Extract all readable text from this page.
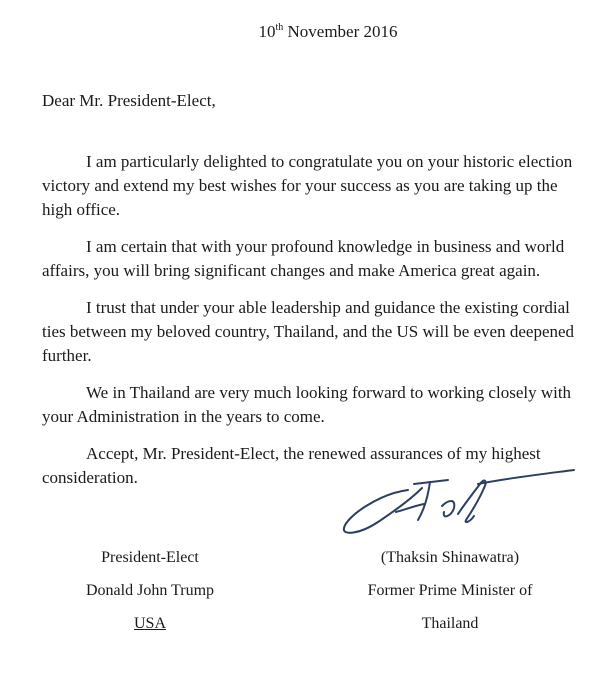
10th November 2016
Dear Mr. President-Elect,

I am particularly delighted to congratulate you on your historic election victory and extend my best wishes for your success as you are taking up the high office.

I am certain that with your profound knowledge in business and world affairs, you will bring significant changes and make America great again.

I trust that under your able leadership and guidance the existing cordial ties between my beloved country, Thailand, and the US will be even deepened further.

We in Thailand are very much looking forward to working closely with your Administration in the years to come.

Accept, Mr. President-Elect, the renewed assurances of my highest consideration.

President-Elect
Donald John Trump
USA
(Thaksin Shinawatra)
Former Prime Minister of
Thailand
